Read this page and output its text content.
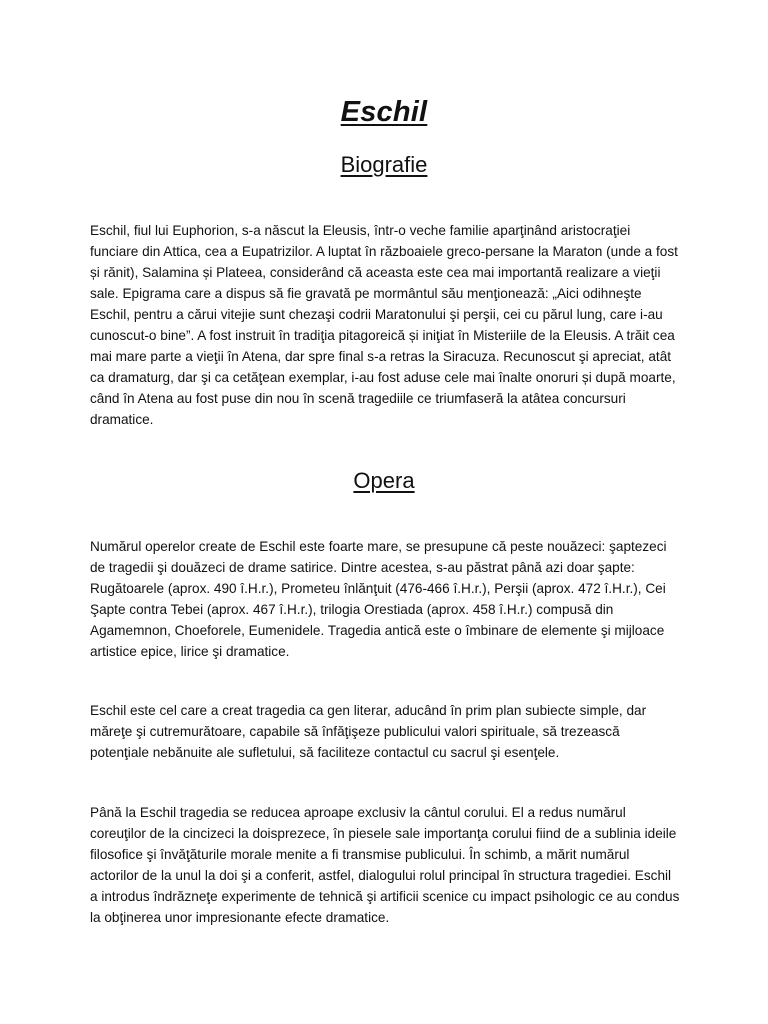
Eschil
Biografie

Eschil, fiul lui Euphorion, s-a născut la Eleusis, într-o veche familie aparţinând aristocraţiei funciare din Attica, cea a Eupatrizilor. A luptat în războaiele greco-persane la Maraton (unde a fost și rănit), Salamina și Plateea, considerând că aceasta este cea mai importantă realizare a vieţii sale. Epigrama care a dispus să fie gravată pe mormântul său menţionează: „Aici odihneşte Eschil, pentru a cărui vitejie sunt chezaşi codrii Maratonului şi perşii, cei cu părul lung, care i-au cunoscut-o bine”. A fost instruit în tradiţia pitagoreică și iniţiat în Misteriile de la Eleusis. A trăit cea mai mare parte a vieţii în Atena, dar spre final s-a retras la Siracuza. Recunoscut şi apreciat, atât ca dramaturg, dar şi ca cetăţean exemplar, i-au fost aduse cele mai înalte onoruri și după moarte, când în Atena au fost puse din nou în scenă tragediile ce triumfaseră la atâtea concursuri dramatice.

Opera

Numărul operelor create de Eschil este foarte mare, se presupune că peste nouăzeci: şaptezeci de tragedii şi douăzeci de drame satirice. Dintre acestea, s-au păstrat până azi doar şapte: Rugătoarele (aprox. 490 î.H.r.), Prometeu înlănţuit (476-466 î.H.r.), Perşii (aprox. 472 î.H.r.), Cei Şapte contra Tebei (aprox. 467 î.H.r.), trilogia Orestiada (aprox. 458 î.H.r.) compusă din Agamemnon, Choeforele, Eumenidele. Tragedia antică este o îmbinare de elemente şi mijloace artistice epice, lirice şi dramatice.

Eschil este cel care a creat tragedia ca gen literar, aducând în prim plan subiecte simple, dar măreţe şi cutremurătoare, capabile să înfăţişeze publicului valori spirituale, să trezească potenţiale nebănuite ale sufletului, să faciliteze contactul cu sacrul şi esenţele.

Până la Eschil tragedia se reducea aproape exclusiv la cântul corului. El a redus numărul coreuţilor de la cincizeci la doisprezece, în piesele sale importanţa corului fiind de a sublinia ideile filosofice şi învăţăturile morale menite a fi transmise publicului. În schimb, a mărit numărul actorilor de la unul la doi şi a conferit, astfel, dialogului rolul principal în structura tragediei. Eschil a introdus îndrăzneţe experimente de tehnică şi artificii scenice cu impact psihologic ce au condus la obţinerea unor impresionante efecte dramatice.
